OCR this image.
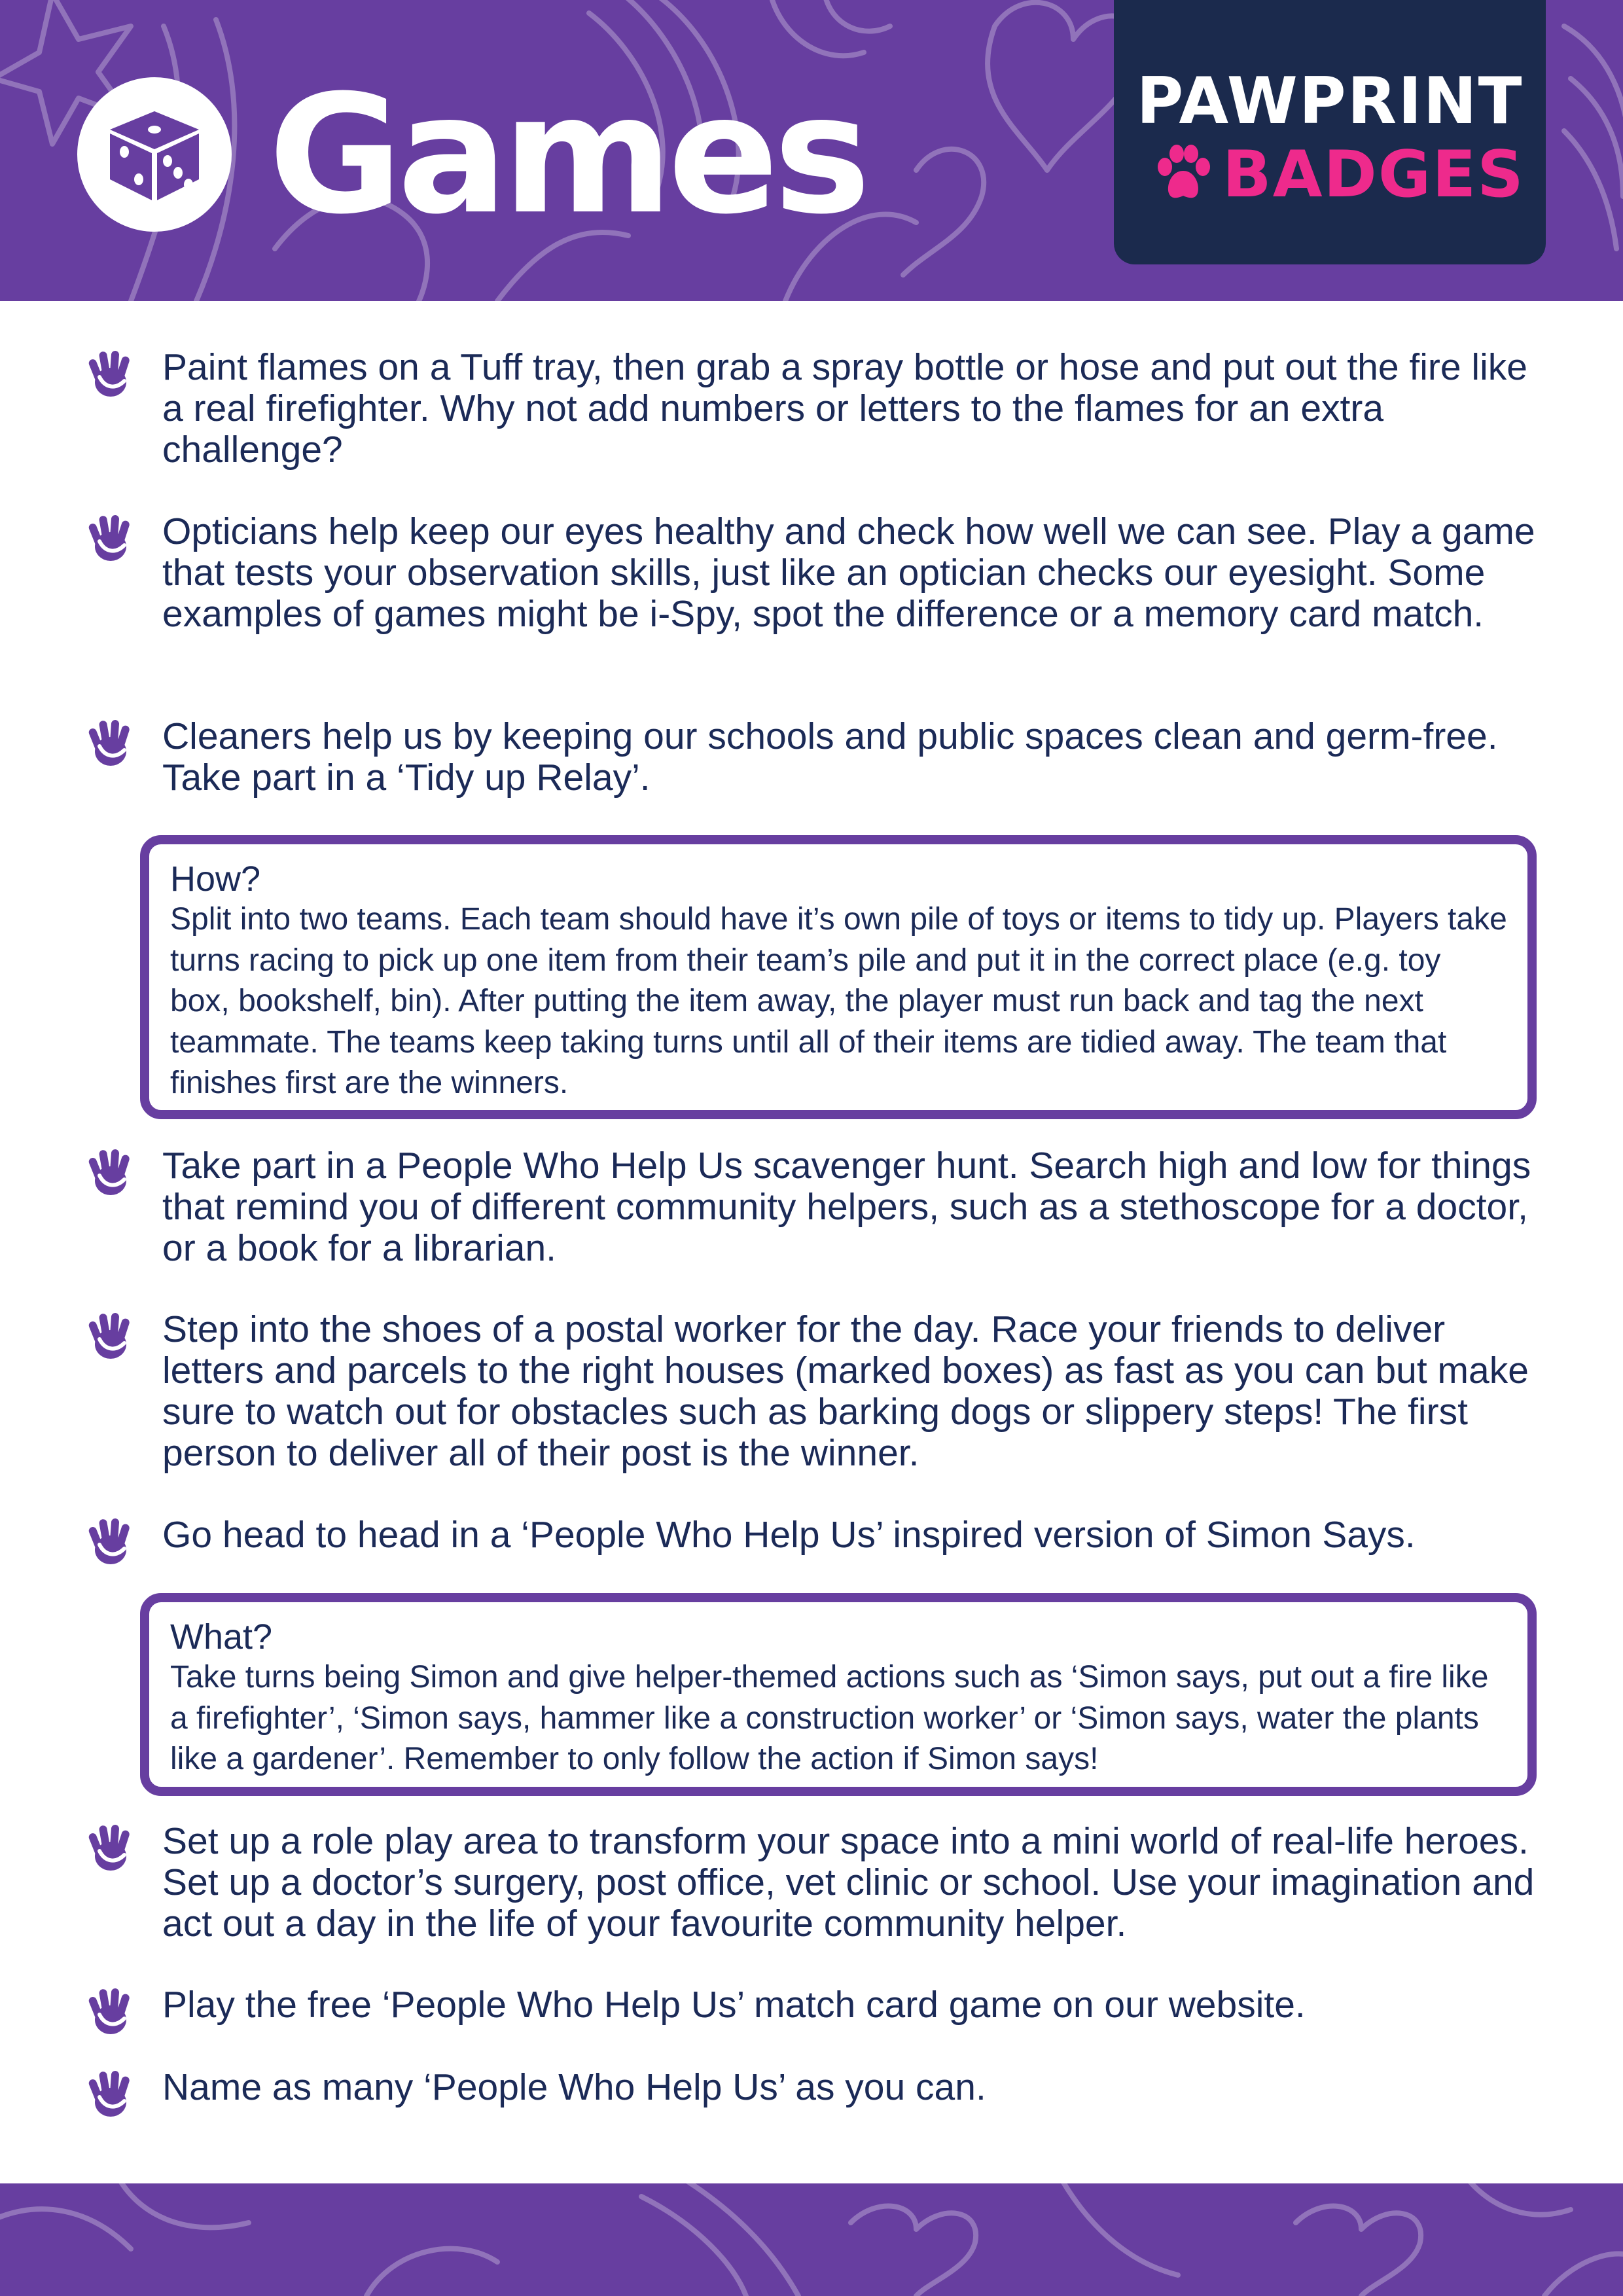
Games	PAWPRINT
BADGES

Paint flames on a Tuff tray, then grab a spray bottle or hose and put out the fire like a real firefighter. Why not add numbers or letters to the flames for an extra challenge?

Opticians help keep our eyes healthy and check how well we can see. Play a game that tests your observation skills, just like an optician checks our eyesight. Some examples of games might be i-Spy, spot the difference or a memory card match.

Cleaners help us by keeping our schools and public spaces clean and germ-free. Take part in a ‘Tidy up Relay’.

How?
Split into two teams. Each team should have it’s own pile of toys or items to tidy up. Players take turns racing to pick up one item from their team’s pile and put it in the correct place (e.g. toy box, bookshelf, bin). After putting the item away, the player must run back and tag the next teammate. The teams keep taking turns until all of their items are tidied away. The team that finishes first are the winners.

Take part in a People Who Help Us scavenger hunt. Search high and low for things that remind you of different community helpers, such as a stethoscope for a doctor, or a book for a librarian.

Step into the shoes of a postal worker for the day. Race your friends to deliver letters and parcels to the right houses (marked boxes) as fast as you can but make sure to watch out for obstacles such as barking dogs or slippery steps! The first person to deliver all of their post is the winner.

Go head to head in a ‘People Who Help Us’ inspired version of Simon Says.

What?
Take turns being Simon and give helper-themed actions such as ‘Simon says, put out a fire like a firefighter’, ‘Simon says, hammer like a construction worker’ or ‘Simon says, water the plants like a gardener’. Remember to only follow the action if Simon says!

Set up a role play area to transform your space into a mini world of real-life heroes. Set up a doctor’s surgery, post office, vet clinic or school. Use your imagination and act out a day in the life of your favourite community helper.

Play the free ‘People Who Help Us’ match card game on our website.

Name as many ‘People Who Help Us’ as you can.
